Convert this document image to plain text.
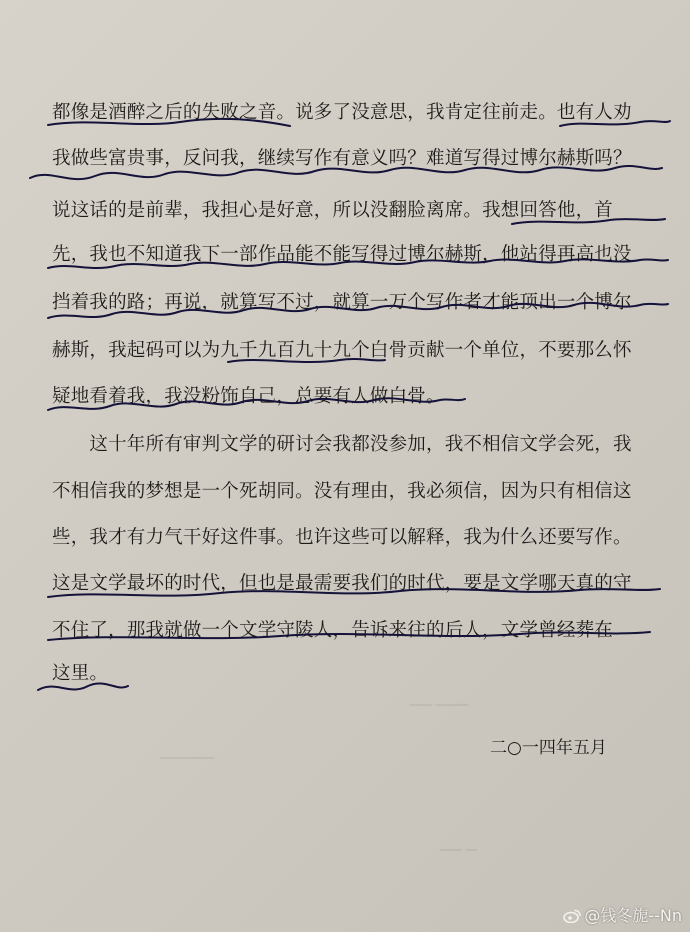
都像是酒醉之后的失败之音。说多了没意思，我肯定往前走。也有人劝
我做些富贵事，反问我，继续写作有意义吗？难道写得过博尔赫斯吗？
说这话的是前辈，我担心是好意，所以没翻脸离席。我想回答他，首
先，我也不知道我下一部作品能不能写得过博尔赫斯，他站得再高也没
挡着我的路；再说，就算写不过，就算一万个写作者才能顶出一个博尔
赫斯，我起码可以为九千九百九十九个白骨贡献一个单位，不要那么怀
疑地看着我，我没粉饰自己，总要有人做白骨。
　　这十年所有审判文学的研讨会我都没参加，我不相信文学会死，我
不相信我的梦想是一个死胡同。没有理由，我必须信，因为只有相信这
些，我才有力气干好这件事。也许这些可以解释，我为什么还要写作。
这是文学最坏的时代，但也是最需要我们的时代，要是文学哪天真的守
不住了，那我就做一个文学守陵人，告诉来往的后人，文学曾经葬在
这里。
二○一四年五月
▔▔ ▔▔▔
▔▔▔▔▔
▔▔ ▔
@钱冬旎--Nn
